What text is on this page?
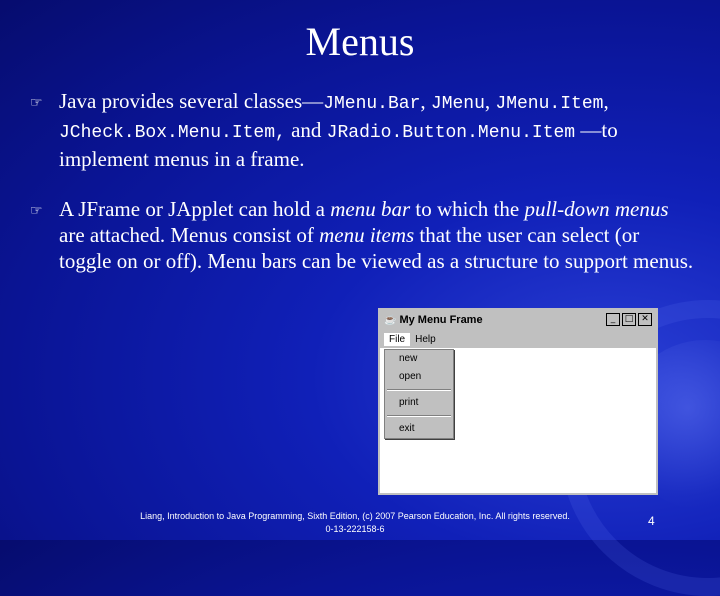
Menus
☞ Java provides several classes—JMenu.Bar, JMenu, JMenu.Item, JCheck.Box.Menu.Item, and JRadio.Button.Menu.Item —to implement menus in a frame.
☞ A JFrame or JApplet can hold a menu bar to which the pull-down menus are attached. Menus consist of menu items that the user can select (or toggle on or off). Menu bars can be viewed as a structure to support menus.
☕ My Menu Frame	_	□ ✕
File	Help
new
open
print
exit
Liang, Introduction to Java Programming, Sixth Edition, (c) 2007 Pearson Education, Inc. All rights reserved. 0-13-222158-6
4
